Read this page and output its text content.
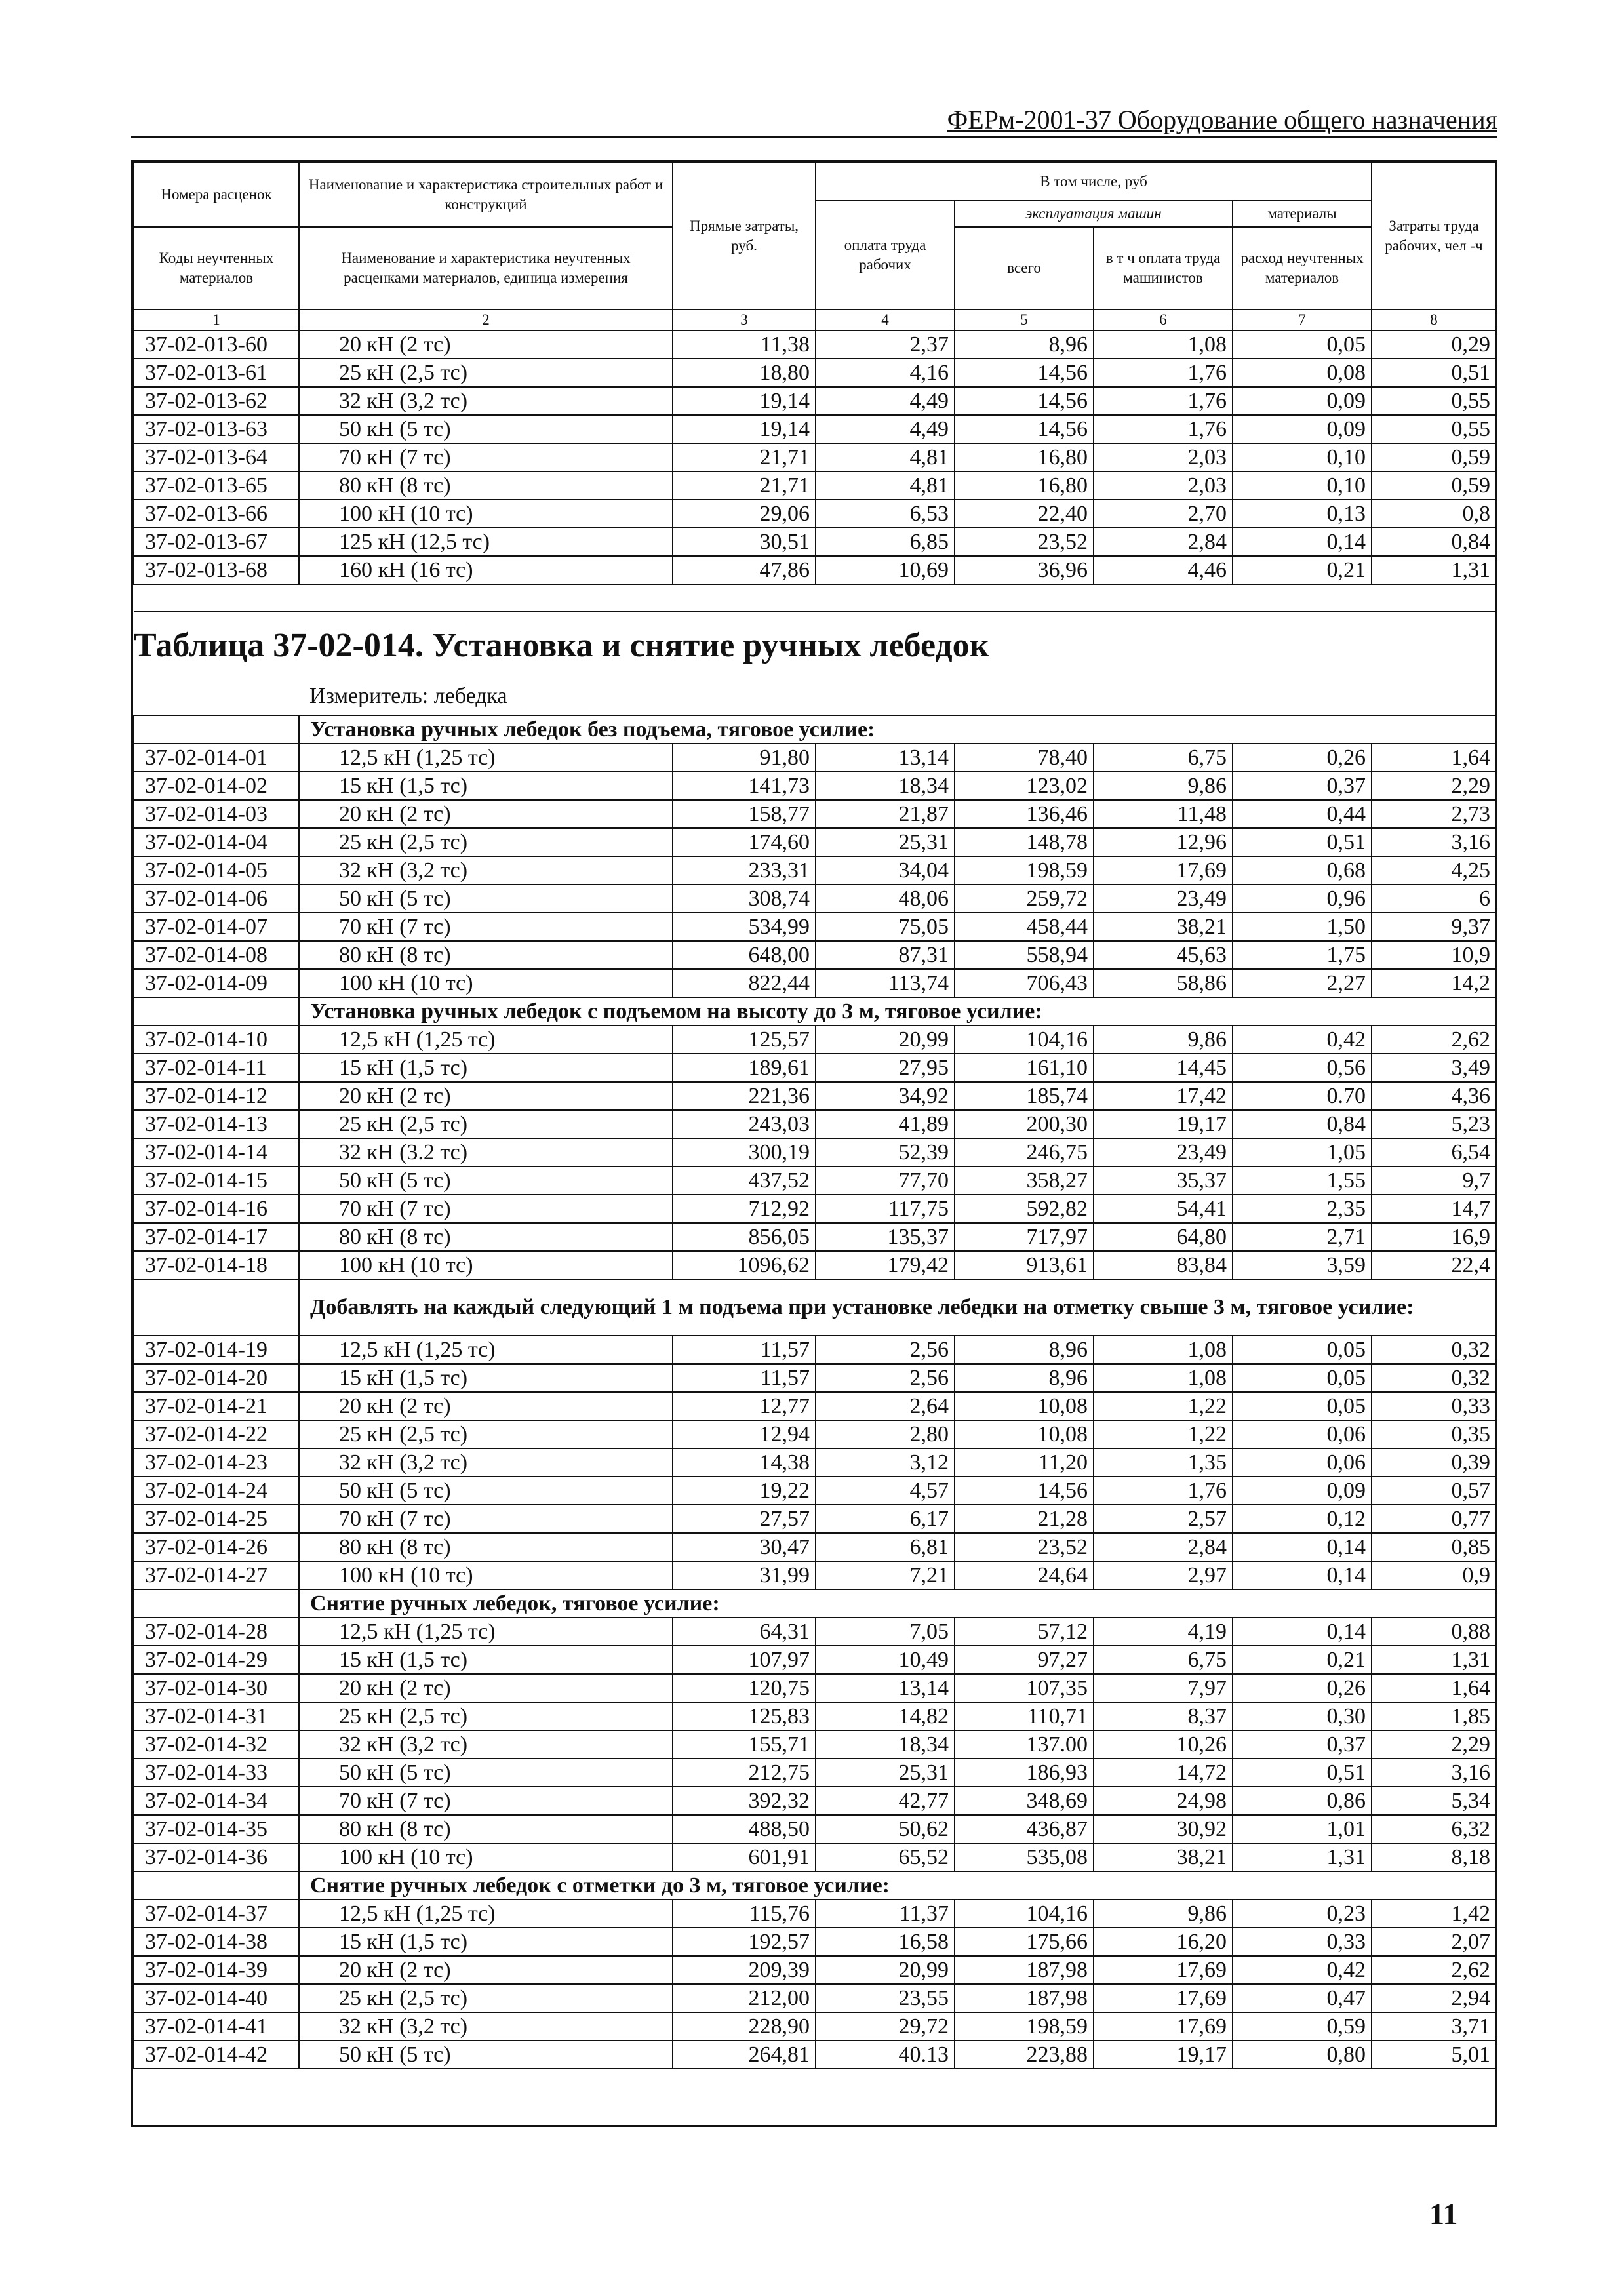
ФЕРм-2001-37 Оборудование общего назначения
Номера расценок	Наименование и характеристика строительных работ и конструкций	Прямые затраты, руб.	В том числе, руб				Затраты труда рабочих, чел -ч
			оплата труда рабочих	эксплуатация машин		материалы	
Коды неучтенных материалов	Наименование и характеристика неучтенных расценками материалов, единица измерения			всего	в т ч оплата труда машинистов	расход неучтенных материалов	

1	2	3	4	5	6	7	8
37-02-013-60	20 кН (2 тс)	11,38	2,37	8,96	1,08	0,05	0,29
37-02-013-61	25 кН (2,5 тс)	18,80	4,16	14,56	1,76	0,08	0,51
37-02-013-62	32 кН (3,2 тс)	19,14	4,49	14,56	1,76	0,09	0,55
37-02-013-63	50 кН (5 тс)	19,14	4,49	14,56	1,76	0,09	0,55
37-02-013-64	70 кН (7 тс)	21,71	4,81	16,80	2,03	0,10	0,59
37-02-013-65	80 кН (8 тс)	21,71	4,81	16,80	2,03	0,10	0,59
37-02-013-66	100 кН (10 тс)	29,06	6,53	22,40	2,70	0,13	0,8
37-02-013-67	125 кН (12,5 тс)	30,51	6,85	23,52	2,84	0,14	0,84
37-02-013-68	160 кН (16 тс)	47,86	10,69	36,96	4,46	0,21	1,31

Таблица 37-02-014. Установка и снятие ручных лебедок							
	Измеритель: лебедка						
	Установка ручных лебедок без подъема, тяговое усилие:						
37-02-014-01	12,5 кН (1,25 тс)	91,80	13,14	78,40	6,75	0,26	1,64
37-02-014-02	15 кН (1,5 тс)	141,73	18,34	123,02	9,86	0,37	2,29
37-02-014-03	20 кН (2 тс)	158,77	21,87	136,46	11,48	0,44	2,73
37-02-014-04	25 кН (2,5 тс)	174,60	25,31	148,78	12,96	0,51	3,16
37-02-014-05	32 кН (3,2 тс)	233,31	34,04	198,59	17,69	0,68	4,25
37-02-014-06	50 кН (5 тс)	308,74	48,06	259,72	23,49	0,96	6
37-02-014-07	70 кН (7 тс)	534,99	75,05	458,44	38,21	1,50	9,37
37-02-014-08	80 кН (8 тс)	648,00	87,31	558,94	45,63	1,75	10,9
37-02-014-09	100 кН (10 тс)	822,44	113,74	706,43	58,86	2,27	14,2
	Установка ручных лебедок с подъемом на высоту до 3 м, тяговое усилие:						
37-02-014-10	12,5 кН (1,25 тс)	125,57	20,99	104,16	9,86	0,42	2,62
37-02-014-11	15 кН (1,5 тс)	189,61	27,95	161,10	14,45	0,56	3,49
37-02-014-12	20 кН (2 тс)	221,36	34,92	185,74	17,42	0.70	4,36
37-02-014-13	25 кН (2,5 тс)	243,03	41,89	200,30	19,17	0,84	5,23
37-02-014-14	32 кН (3.2 тс)	300,19	52,39	246,75	23,49	1,05	6,54
37-02-014-15	50 кН (5 тс)	437,52	77,70	358,27	35,37	1,55	9,7
37-02-014-16	70 кН (7 тс)	712,92	117,75	592,82	54,41	2,35	14,7
37-02-014-17	80 кН (8 тс)	856,05	135,37	717,97	64,80	2,71	16,9
37-02-014-18	100 кН (10 тс)	1096,62	179,42	913,61	83,84	3,59	22,4
	Добавлять на каждый следующий 1 м подъема при установке лебедки на отметку свыше 3 м, тяговое усилие:						
37-02-014-19	12,5 кН (1,25 тс)	11,57	2,56	8,96	1,08	0,05	0,32
37-02-014-20	15 кН (1,5 тс)	11,57	2,56	8,96	1,08	0,05	0,32
37-02-014-21	20 кН (2 тс)	12,77	2,64	10,08	1,22	0,05	0,33
37-02-014-22	25 кН (2,5 тс)	12,94	2,80	10,08	1,22	0,06	0,35
37-02-014-23	32 кН (3,2 тс)	14,38	3,12	11,20	1,35	0,06	0,39
37-02-014-24	50 кН (5 тс)	19,22	4,57	14,56	1,76	0,09	0,57
37-02-014-25	70 кН (7 тс)	27,57	6,17	21,28	2,57	0,12	0,77
37-02-014-26	80 кН (8 тс)	30,47	6,81	23,52	2,84	0,14	0,85
37-02-014-27	100 кН (10 тс)	31,99	7,21	24,64	2,97	0,14	0,9
	Снятие ручных лебедок, тяговое усилие:						
37-02-014-28	12,5 кН (1,25 тс)	64,31	7,05	57,12	4,19	0,14	0,88
37-02-014-29	15 кН (1,5 тс)	107,97	10,49	97,27	6,75	0,21	1,31
37-02-014-30	20 кН (2 тс)	120,75	13,14	107,35	7,97	0,26	1,64
37-02-014-31	25 кН (2,5 тс)	125,83	14,82	110,71	8,37	0,30	1,85
37-02-014-32	32 кН (3,2 тс)	155,71	18,34	137.00	10,26	0,37	2,29
37-02-014-33	50 кН (5 тс)	212,75	25,31	186,93	14,72	0,51	3,16
37-02-014-34	70 кН (7 тс)	392,32	42,77	348,69	24,98	0,86	5,34
37-02-014-35	80 кН (8 тс)	488,50	50,62	436,87	30,92	1,01	6,32
37-02-014-36	100 кН (10 тс)	601,91	65,52	535,08	38,21	1,31	8,18
	Снятие ручных лебедок с отметки до 3 м, тяговое усилие:						
37-02-014-37	12,5 кН (1,25 тс)	115,76	11,37	104,16	9,86	0,23	1,42
37-02-014-38	15 кН (1,5 тс)	192,57	16,58	175,66	16,20	0,33	2,07
37-02-014-39	20 кН (2 тс)	209,39	20,99	187,98	17,69	0,42	2,62
37-02-014-40	25 кН (2,5 тс)	212,00	23,55	187,98	17,69	0,47	2,94
37-02-014-41	32 кН (3,2 тс)	228,90	29,72	198,59	17,69	0,59	3,71
37-02-014-42	50 кН (5 тс)	264,81	40.13	223,88	19,17	0,80	5,01
11
